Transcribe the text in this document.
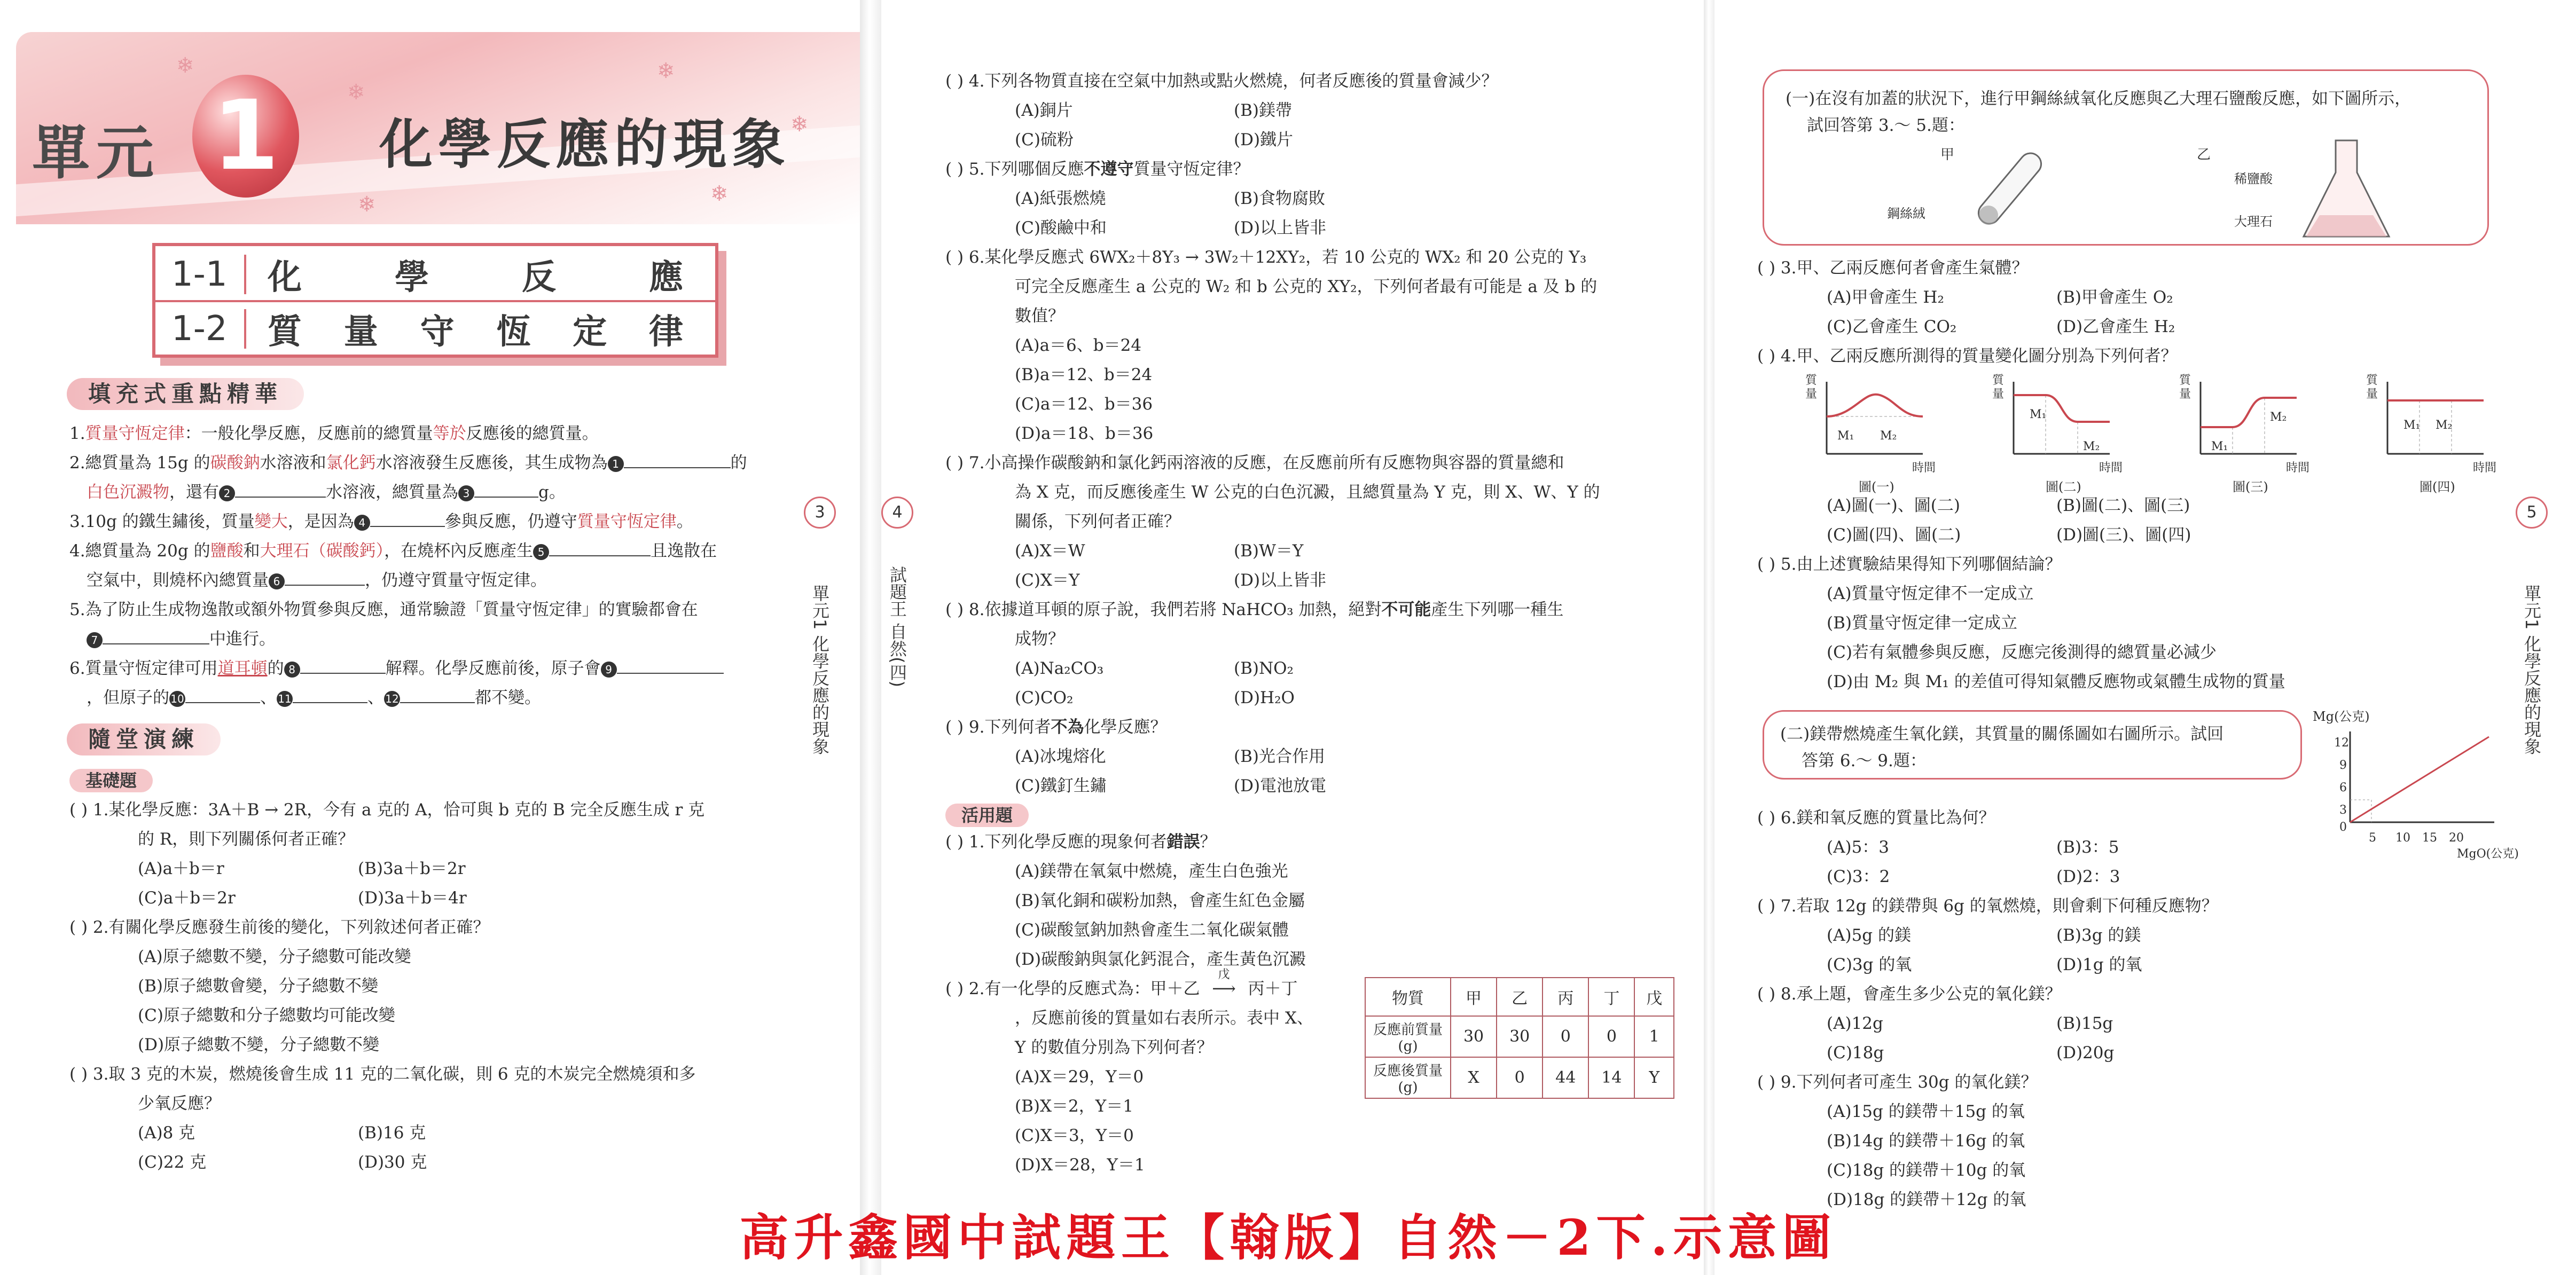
❄
❄
❄
❄
❄	❄
單元 1	化學反應的現象
1-1	化	學	反	應
1-2	質 量 守 恆 定 律
填充式重點精華
1.質量守恆定律：一般化學反應，反應前的總質量等於反應後的總質量。
2.總質量為 15g 的碳酸鈉水溶液和氯化鈣水溶液發生反應後，其生成物為 1	的
白色沉澱物，還有 2	水溶液，總質量為 3	g。
3.10g 的鐵生鏽後，質量變大，是因為 4	參與反應，仍遵守質量守恆定律。
4.總質量為 20g 的鹽酸和大理石（碳酸鈣），在燒杯內反應產生 5	且逸散在
空氣中，則燒杯內總質量 6	，仍遵守質量守恆定律。
5.為了防止生成物逸散或額外物質參與反應，通常驗證「質量守恆定律」的實驗都會在
7	中進行。
6.質量守恆定律可用道耳頓的 8	解釋。化學反應前後，原子會 9
，但原子的 10	、 11	、 12	都不變。
隨堂演練
基礎題
( ) 1.某化學反應：3A＋B → 2R，今有 a 克的 A，恰可與 b 克的 B 完全反應生成 r 克
的 R，則下列關係何者正確？
(A)a＋b＝r	(B)3a＋b＝2r
(C)a＋b＝2r	(D)3a＋b＝4r
( ) 2.有關化學反應發生前後的變化，下列敘述何者正確？
(A)原子總數不變，分子總數可能改變
(B)原子總數會變，分子總數不變
(C)原子總數和分子總數均可能改變
(D)原子總數不變，分子總數不變
( ) 3.取 3 克的木炭，燃燒後會生成 11 克的二氧化碳，則 6 克的木炭完全燃燒須和多
少氧反應？
(A)8 克	(B)16 克
(C)22 克	(D)30 克
3
單元1 化學反應的現象
4
試題王 自然(四)
( ) 4.下列各物質直接在空氣中加熱或點火燃燒，何者反應後的質量會減少？
(A)銅片	(B)鎂帶
(C)硫粉	(D)鐵片
( ) 5.下列哪個反應不遵守質量守恆定律？
(A)紙張燃燒	(B)食物腐敗
(C)酸鹼中和	(D)以上皆非
( ) 6.某化學反應式 6WX₂＋8Y₃ → 3W₂＋12XY₂，若 10 公克的 WX₂ 和 20 公克的 Y₃
可完全反應產生 a 公克的 W₂ 和 b 公克的 XY₂，下列何者最有可能是 a 及 b 的
數值？
(A)a＝6、b＝24
(B)a＝12、b＝24
(C)a＝12、b＝36
(D)a＝18、b＝36
( ) 7.小高操作碳酸鈉和氯化鈣兩溶液的反應，在反應前所有反應物與容器的質量總和
為 X 克，而反應後產生 W 公克的白色沉澱，且總質量為 Y 克，則 X、W、Y 的
關係，下列何者正確？
(A)X＝W	(B)W＝Y
(C)X＝Y	(D)以上皆非
( ) 8.依據道耳頓的原子說，我們若將 NaHCO₃ 加熱，絕對不可能產生下列哪一種生
成物？
(A)Na₂CO₃	(B)NO₂
(C)CO₂	(D)H₂O
( ) 9.下列何者不為化學反應？
(A)冰塊熔化	(B)光合作用
(C)鐵釘生鏽	(D)電池放電
活用題
( ) 1.下列化學反應的現象何者錯誤？
(A)鎂帶在氧氣中燃燒，產生白色強光
(B)氧化銅和碳粉加熱，會產生紅色金屬
(C)碳酸氫鈉加熱會產生二氧化碳氣體
(D)碳酸鈉與氯化鈣混合，產生黃色沉澱
( ) 2.有一化學的反應式為：甲＋乙
戊
⟶ 丙＋丁
，反應前後的質量如右表所示。表中 X、
Y 的數值分別為下列何者？
(A)X＝29，Y＝0
(B)X＝2，Y＝1
(C)X＝3，Y＝0
(D)X＝28，Y＝1
物質	甲	乙	丙	丁	戊
反應前質量(g)	30	30	0	0	1
反應後質量(g)	X	0	44	14	Y
(一)在沒有加蓋的狀況下，進行甲鋼絲絨氧化反應與乙大理石鹽酸反應，如下圖所示，
試回答第 3.～ 5.題：
甲	乙
鋼絲絨
稀鹽酸
大理石
( ) 3.甲、乙兩反應何者會產生氣體？
(A)甲會產生 H₂	(B)甲會產生 O₂
(C)乙會產生 CO₂	(D)乙會產生 H₂
( ) 4.甲、乙兩反應所測得的質量變化圖分別為下列何者？
質量
M₁ M₂
時間
圖(一)
質量
M₁
M₂
時間
圖(二)
質量
M₁
M₂
時間
圖(三)
質量
M₁ M₂
時間
圖(四)
(A)圖(一)、圖(二)	(B)圖(二)、圖(三)
(C)圖(四)、圖(二)	(D)圖(三)、圖(四)
( ) 5.由上述實驗結果得知下列哪個結論？
(A)質量守恆定律不一定成立
(B)質量守恆定律一定成立
(C)若有氣體參與反應，反應完後測得的總質量必減少
(D)由 M₂ 與 M₁ 的差值可得知氣體反應物或氣體生成物的質量
(二)鎂帶燃燒產生氧化鎂，其質量的關係圖如右圖所示。試回
答第 6.～ 9.題：
Mg(公克)
12
9
6
3
0
5 10 15 20
MgO(公克)
( ) 6.鎂和氧反應的質量比為何？
(A)5：3	(B)3：5
(C)3：2	(D)2：3
( ) 7.若取 12g 的鎂帶與 6g 的氧燃燒，則會剩下何種反應物？
(A)5g 的鎂	(B)3g 的鎂
(C)3g 的氧	(D)1g 的氧
( ) 8.承上題，會產生多少公克的氧化鎂？
(A)12g	(B)15g
(C)18g	(D)20g
( ) 9.下列何者可產生 30g 的氧化鎂？
(A)15g 的鎂帶＋15g 的氧
(B)14g 的鎂帶＋16g 的氧
(C)18g 的鎂帶＋10g 的氧
(D)18g 的鎂帶＋12g 的氧
5
單元1 化學反應的現象
高升鑫國中試題王【翰版】自然－2下.示意圖
